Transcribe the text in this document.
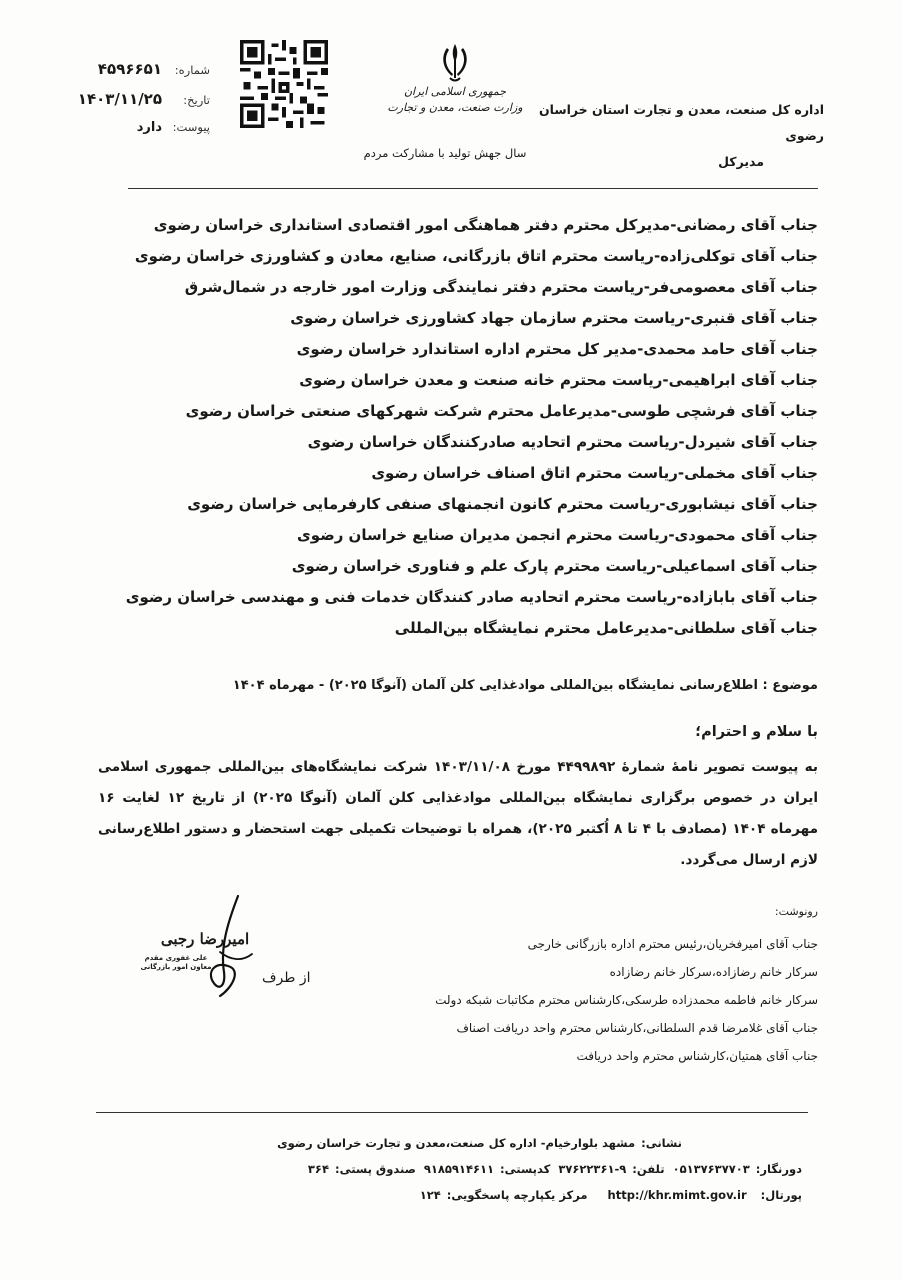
اداره کل صنعت، معدن و تجارت استان خراسان رضوی
مدیرکل
جمهوری اسلامی ایران
وزارت صنعت، معدن و تجارت
سال جهش تولید با مشارکت مردم
شماره:
۴۵۹۶۶۵۱
تاریخ:
۱۴۰۳/۱۱/۲۵
پیوست:
دارد
جناب آقای رمضانی-مدیرکل محترم دفتر هماهنگی امور اقتصادی استانداری خراسان رضوی
جناب آقای توکلی‌زاده-ریاست محترم اتاق بازرگانی، صنایع، معادن و کشاورزی خراسان رضوی
جناب آقای معصومی‌فر-ریاست محترم دفتر نمایندگی وزارت امور خارجه در شمال‌شرق
جناب آقای قنبری-ریاست محترم سازمان جهاد کشاورزی خراسان رضوی
جناب آقای حامد محمدی-مدیر کل محترم اداره استاندارد خراسان رضوی
جناب آقای ابراهیمی-ریاست محترم خانه صنعت و معدن خراسان رضوی
جناب آقای فرشچی طوسی-مدیرعامل محترم شرکت شهرکهای صنعتی خراسان رضوی
جناب آقای شیردل-ریاست محترم اتحادیه صادرکنندگان خراسان رضوی
جناب آقای مخملی-ریاست محترم اتاق اصناف خراسان رضوی
جناب آقای نیشابوری-ریاست محترم کانون انجمنهای صنفی کارفرمایی خراسان رضوی
جناب آقای محمودی-ریاست محترم انجمن مدیران صنایع خراسان رضوی
جناب آقای اسماعیلی-ریاست محترم پارک علم و فناوری خراسان رضوی
جناب آقای بابازاده-ریاست محترم اتحادیه صادر کنندگان خدمات فنی و مهندسی خراسان رضوی
جناب آقای سلطانی-مدیرعامل محترم نمایشگاه بین‌المللی
موضوع : اطلاع‌رسانی نمایشگاه بین‌المللی موادغذایی کلن آلمان (آنوگا ۲۰۲۵) - مهرماه ۱۴۰۴
با سلام و احترام؛
به پیوست تصویر نامهٔ شمارهٔ ۴۴۹۹۸۹۲ مورخ ۱۴۰۳/۱۱/۰۸ شرکت نمایشگاه‌های بین‌المللی جمهوری اسلامی ایران در خصوص برگزاری نمایشگاه بین‌المللی موادغذایی کلن آلمان (آنوگا ۲۰۲۵) از تاریخ ۱۲ لغایت ۱۶ مهرماه ۱۴۰۴ (مصادف با ۴ تا ۸ اُکتبر ۲۰۲۵)، همراه با توضیحات تکمیلی جهت استحضار و دستور اطلاع‌رسانی لازم ارسال می‌گردد.
رونوشت:
جناب آقای امیرفخریان،رئیس محترم اداره بازرگانی خارجی
سرکار خانم رضازاده،سرکار خانم رضازاده
سرکار خانم فاطمه محمدزاده طرسکی،کارشناس محترم مکاتبات شبکه دولت
جناب آقای غلامرضا قدم السلطانی،کارشناس محترم واحد دریافت اصناف
جناب آقای همتیان،کارشناس محترم واحد دریافت
از طرف
امیررضا رجبی
علی غفوری مقدم معاون امور بازرگانی
نشانی:مشهد بلوارخیام- اداره کل صنعت،معدن و تجارت خراسان رضوی
دورنگار:۰۵۱۳۷۶۳۷۷۰۳  تلفن:۹-۳۷۶۲۲۳۶۱  کدپستی:۹۱۸۵۹۱۴۶۱۱  صندوق پستی:۳۶۴
پورتال:http://khr.mimt.gov.ir   مرکز یکپارچه پاسخگویی:۱۲۴
